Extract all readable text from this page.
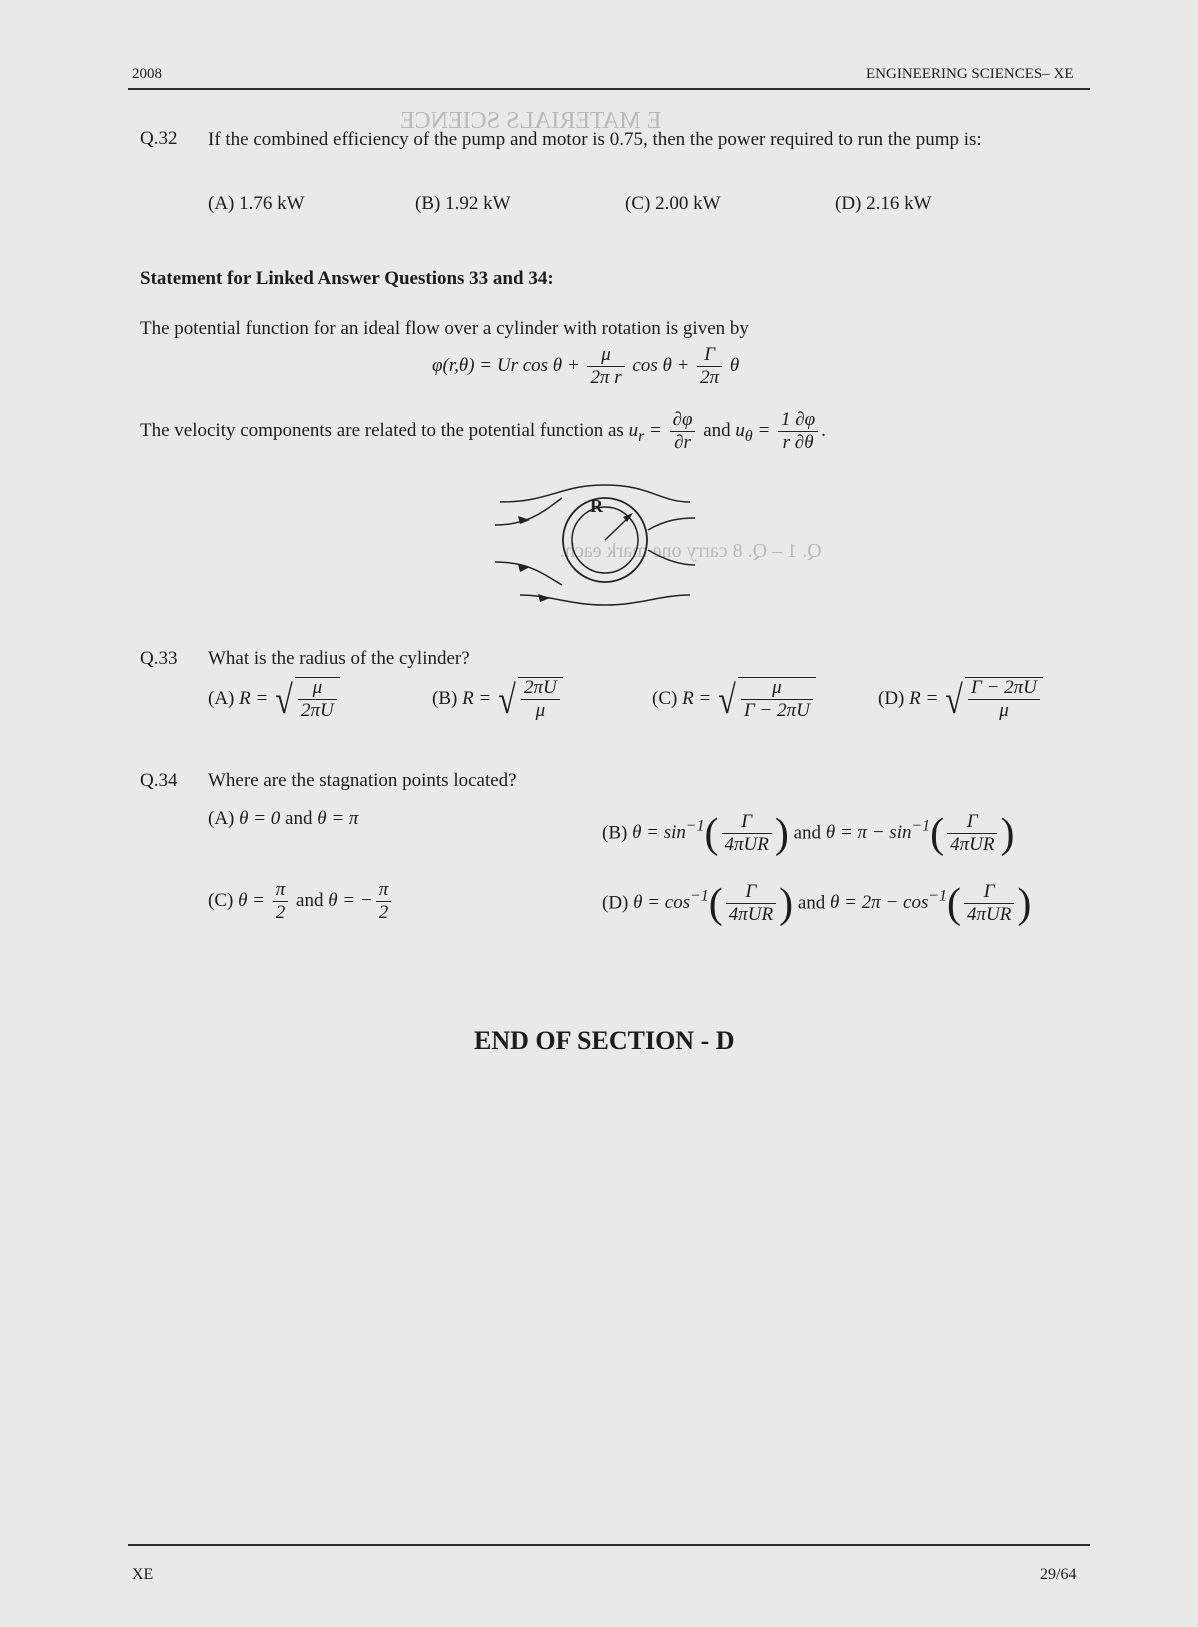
E MATERIALS SCIENCE
Q. 1 – Q. 8 carry one mark each.
2008	ENGINEERING SCIENCES– XE
Q.32 If the combined efficiency of the pump and motor is 0.75, then the power required to run the pump is:
(A) 1.76 kW	(B) 1.92 kW	(C) 2.00 kW	(D) 2.16 kW
Statement for Linked Answer Questions 33 and 34:
The potential function for an ideal flow over a cylinder with rotation is given by
φ(r,θ) = Ur $\cos \theta + \frac{\mu}{\text{2π r}}$ $\cos \theta + \frac{\Gamma}{2\pi}$ θ
The velocity components are related to the potential function as $u_r = \frac{\partial\varphi}{\partial r}$ and $u_\theta = \frac{1 \partial\varphi}{r \partial\theta}$ .
R
Q.33 What is the radius of the cylinder?
(A) R = √ $\frac{\mu}{2\pi U}$	(B) R = √ $\frac{2\pi U}{\mu}$	(C) R = √ $\frac{\mu}{\Gamma - 2\pi U}$	(D) R = √ $\frac{\Gamma - 2\pi U}{\mu}$
Q.34 Where are the stagnation points located?
(A) θ = 0 and θ = π
(B) $\theta = \sin^{-1}( \frac{\Gamma}{\text{4πUR}}$ ) and $\theta = \pi - \sin^{-1}( \frac{\Gamma}{\text{4πUR}}$ )
(C) $\theta = \frac{\pi}{2}$ and θ = − $\frac{\pi}{2}$	(D) $\theta = \cos^{-1}( \frac{\Gamma}{\text{4πUR}}$ ) and $\theta = 2\pi - \cos^{-1}( \frac{\Gamma}{\text{4πUR}}$ )
END OF SECTION - D
XE	29/64
